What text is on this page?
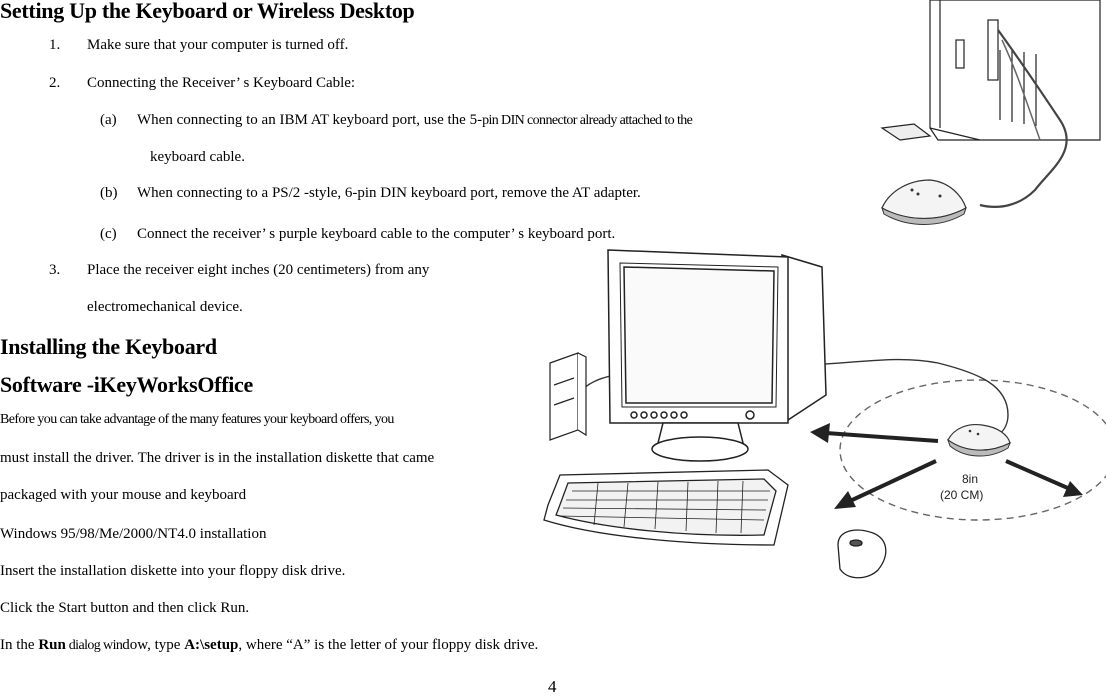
Setting Up the Keyboard or Wireless Desktop
1. Make sure that your computer is turned off.
2. Connecting the Receiver’ s Keyboard Cable:
(a) When connecting to an IBM AT keyboard port, use the 5-pin DIN connector already attached to the
keyboard cable.
(b) When connecting to a PS/2 -style, 6-pin DIN keyboard port, remove the AT adapter.
(c) Connect the receiver’ s purple keyboard cable to the computer’ s keyboard port.
3. Place the receiver eight inches (20 centimeters) from any
electromechanical device.
Installing the Keyboard
Software -iKeyWorksOffice
Before you can take advantage of the many features your keyboard offers, you
must install the driver. The driver is in the installation diskette that came
packaged with your mouse and keyboard
Windows 95/98/Me/2000/NT4.0 installation
Insert the installation diskette into your floppy disk drive.
Click the Start button and then click Run.
In the Run dialog window, type A:\setup, where “A” is the letter of your floppy disk drive.
4
8in
(20 CM)
